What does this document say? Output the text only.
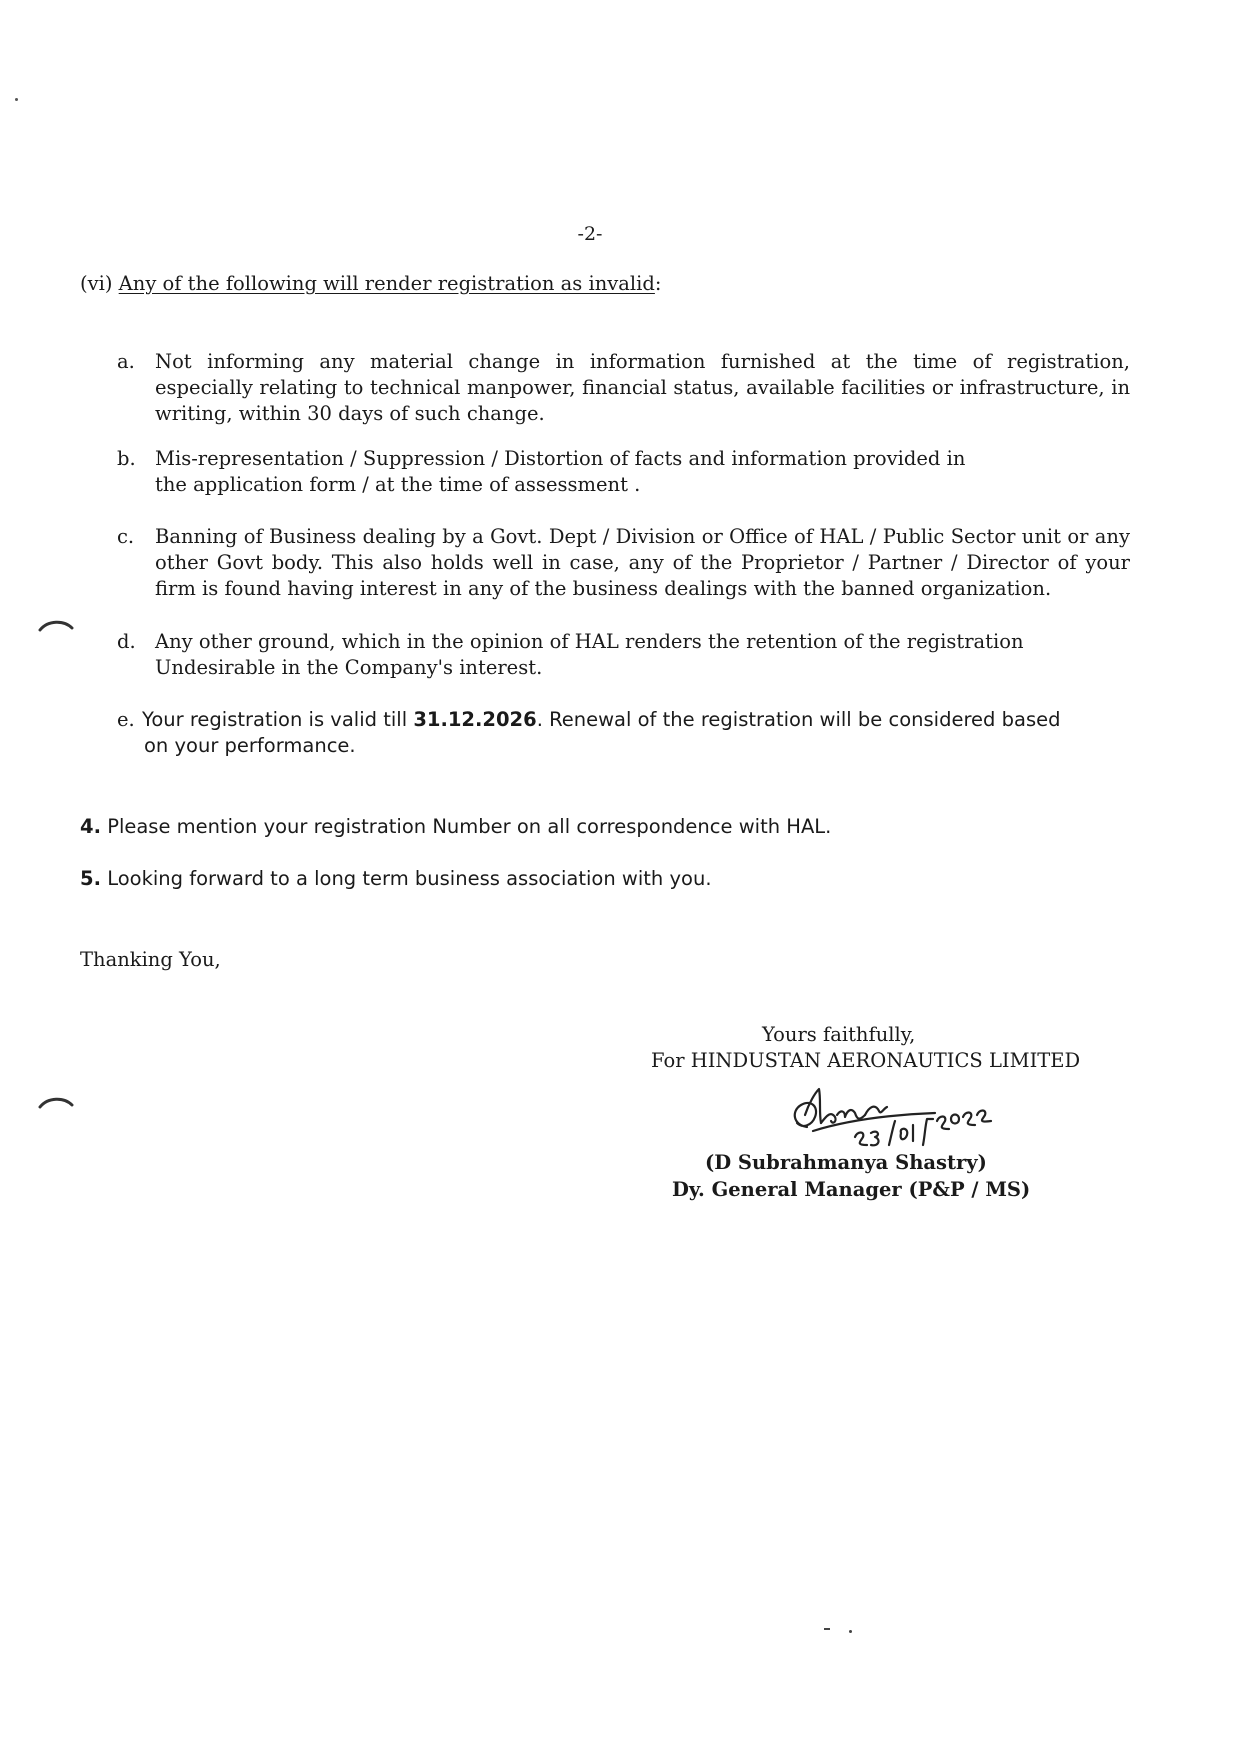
-2-
(vi) Any of the following will render registration as invalid:
a.	Not informing any material change in information furnished at the time of registration,
especially relating to technical manpower, financial status, available facilities or infrastructure, in
writing, within 30 days of such change.
b. Mis-representation / Suppression / Distortion of facts and information provided in
the application form / at the time of assessment .
c.	Banning of Business dealing by a Govt. Dept / Division or Office of HAL / Public Sector unit or any
other Govt body. This also holds well in case, any of the Proprietor / Partner / Director of your
firm is found having interest in any of the business dealings with the banned organization.
d. Any other ground, which in the opinion of HAL renders the retention of the registration
Undesirable in the Company's interest.
e. Your registration is valid till 31.12.2026. Renewal of the registration will be considered based
on your performance.
4. Please mention your registration Number on all correspondence with HAL.
5. Looking forward to a long term business association with you.
Thanking You,
Yours faithfully,
For HINDUSTAN AERONAUTICS LIMITED
(D Subrahmanya Shastry)
Dy. General Manager (P&P / MS)
